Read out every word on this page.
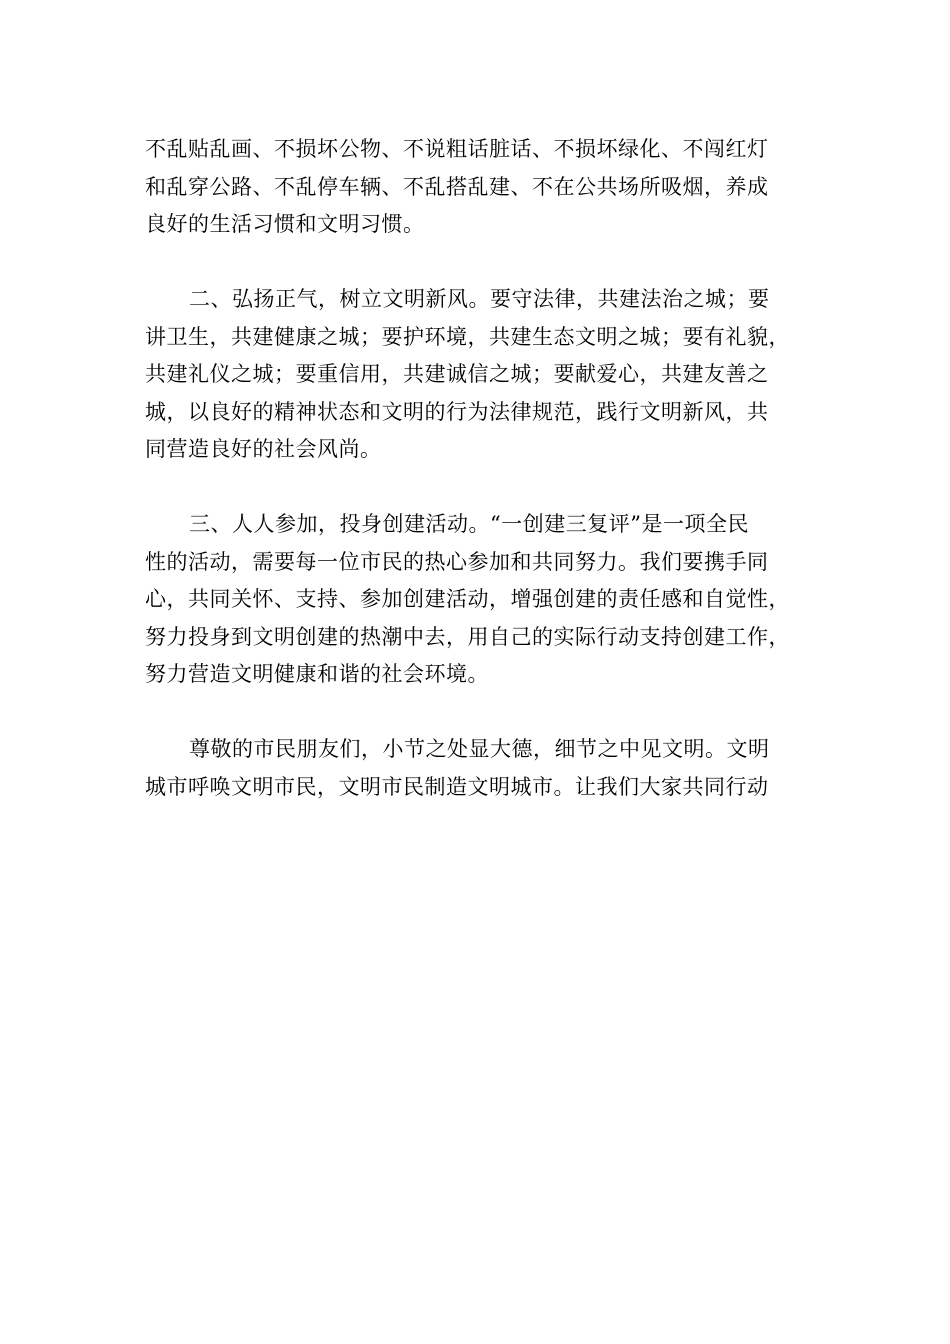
不乱贴乱画、不损坏公物、不说粗话脏话、不损坏绿化、不闯红灯

和乱穿公路、不乱停车辆、不乱搭乱建、不在公共场所吸烟，养成

良好的生活习惯和文明习惯。

二、弘扬正气，树立文明新风。要守法律，共建法治之城；要

讲卫生，共建健康之城；要护环境，共建生态文明之城；要有礼貌，

共建礼仪之城；要重信用，共建诚信之城；要献爱心，共建友善之

城，以良好的精神状态和文明的行为法律规范，践行文明新风，共

同营造良好的社会风尚。

三、人人参加，投身创建活动。“一创建三复评”是一项全民

性的活动，需要每一位市民的热心参加和共同努力。我们要携手同

心，共同关怀、支持、参加创建活动，增强创建的责任感和自觉性，

努力投身到文明创建的热潮中去，用自己的实际行动支持创建工作，

努力营造文明健康和谐的社会环境。

尊敬的市民朋友们，小节之处显大德，细节之中见文明。文明

城市呼唤文明市民，文明市民制造文明城市。让我们大家共同行动
